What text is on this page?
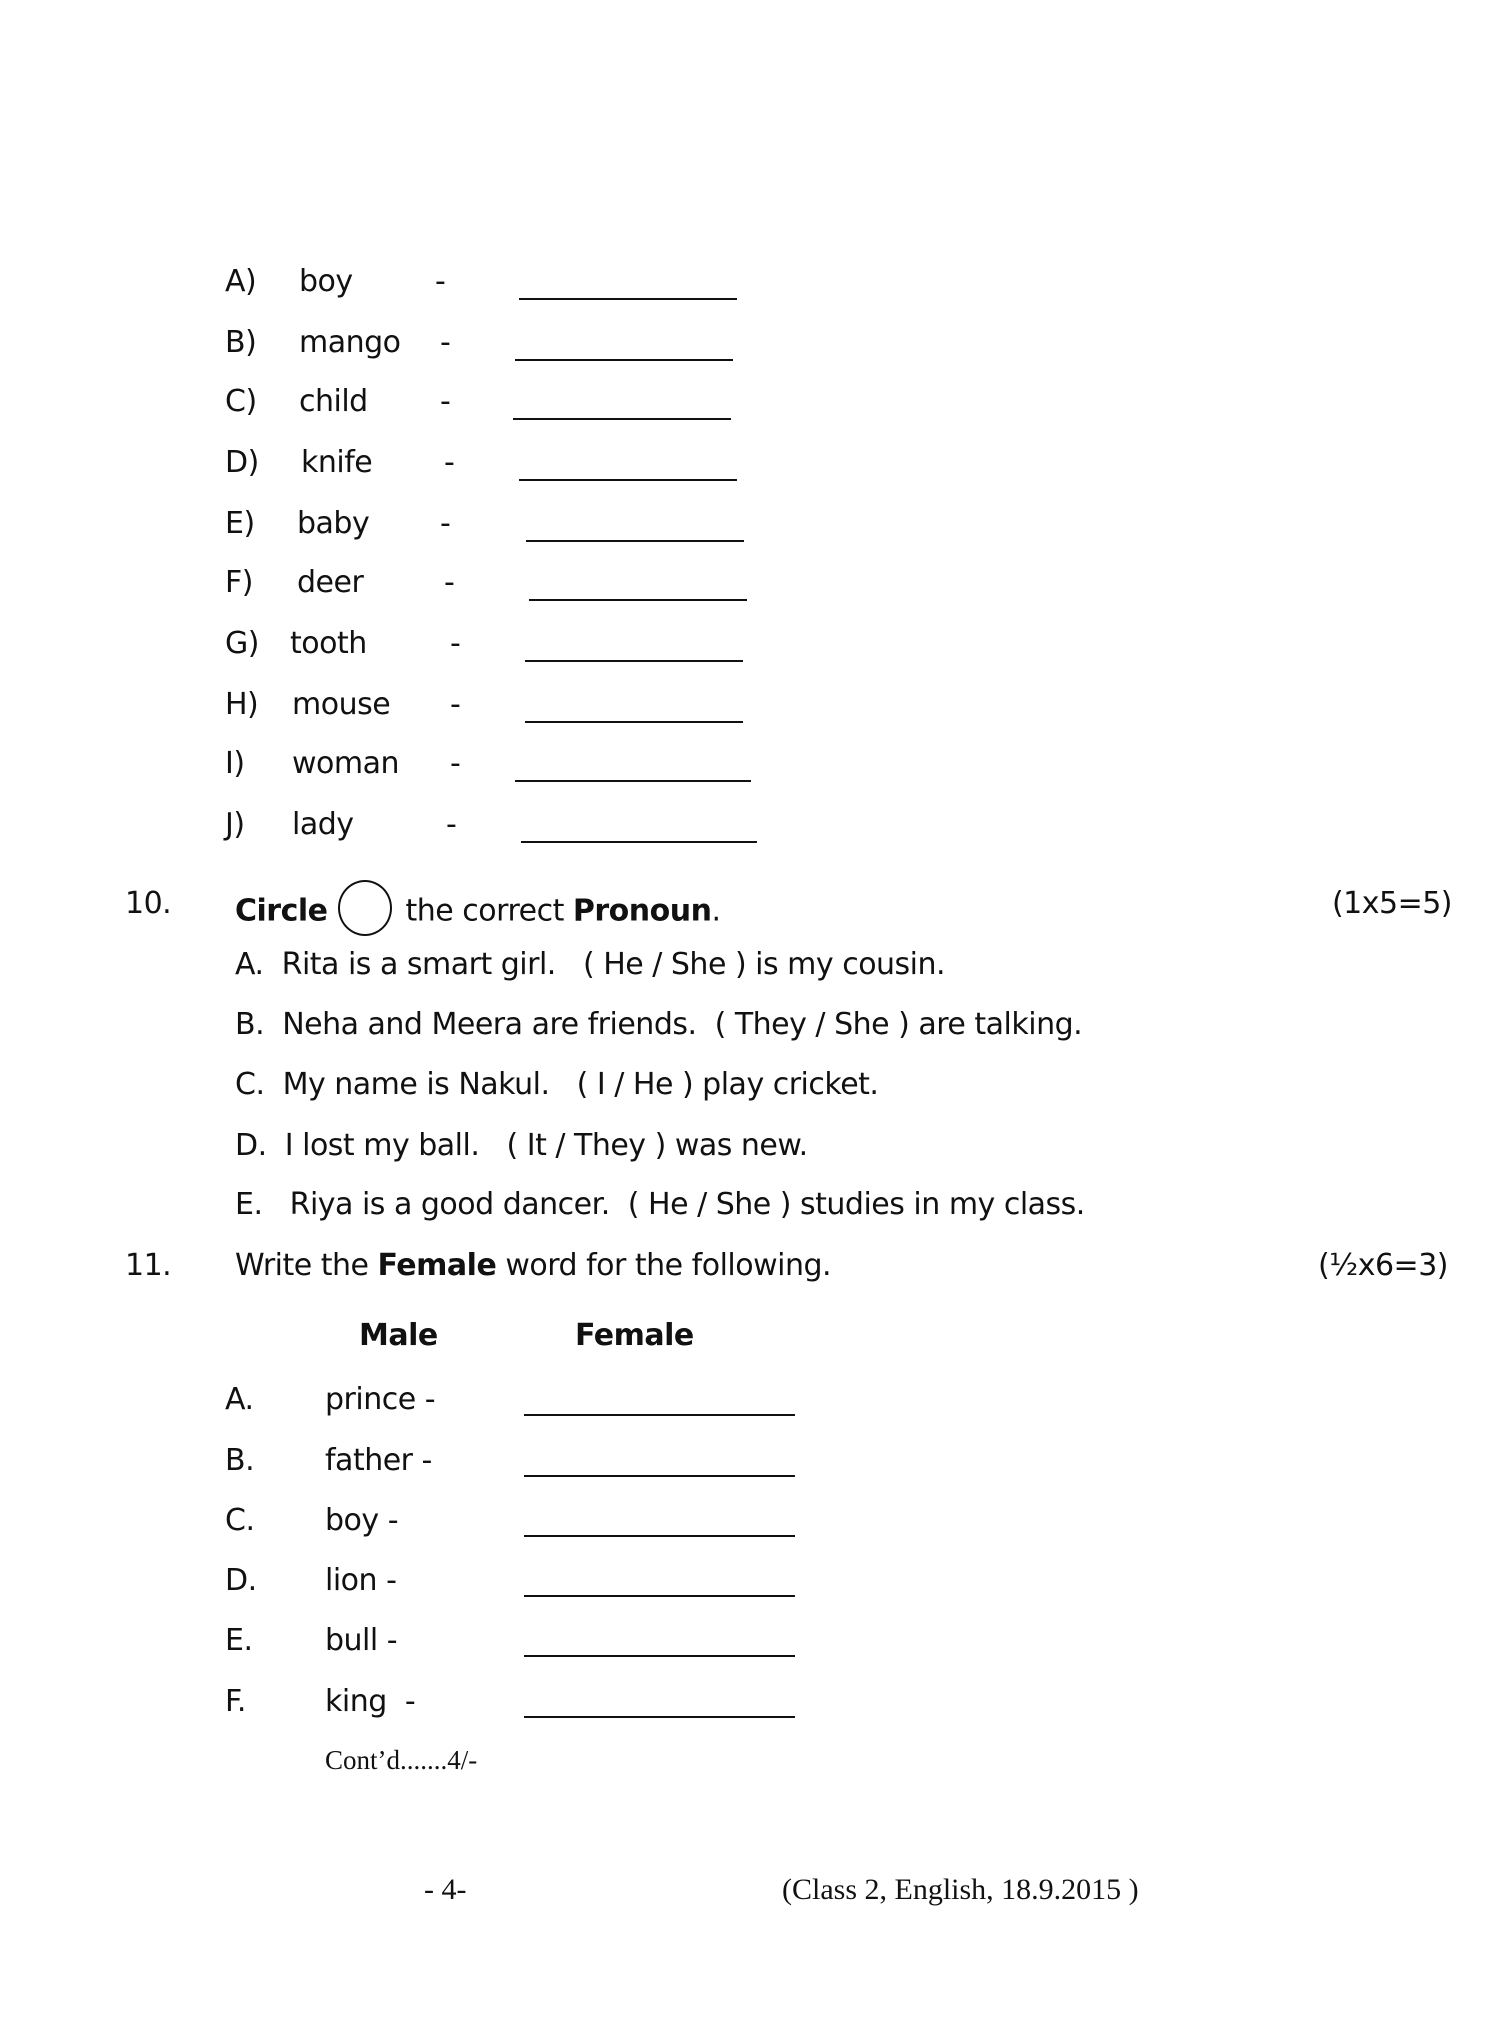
A) boy	-
B) mango -
C) child -
D) knife -
E) baby -
F) deer	-
G) tooth	-
H) mouse -
I) woman -
J) lady	-
10. Circle	the correct Pronoun.	(1x5=5)
A. Rita is a smart girl.   ( He / She ) is my cousin.
B. Neha and Meera are friends.  ( They / She ) are talking.
C. My name is Nakul.   ( I / He ) play cricket.
D. I lost my ball.   ( It / They ) was new.
E.   Riya is a good dancer.  ( He / She ) studies in my class.
11. Write the Female word for the following.	(½x6=3)
Male	Female
A. prince -
B. father -
C. boy -
D. lion -
E. bull -
F.	king  -
Cont’d.......4/-
- 4-	(Class 2, English, 18.9.2015 )
